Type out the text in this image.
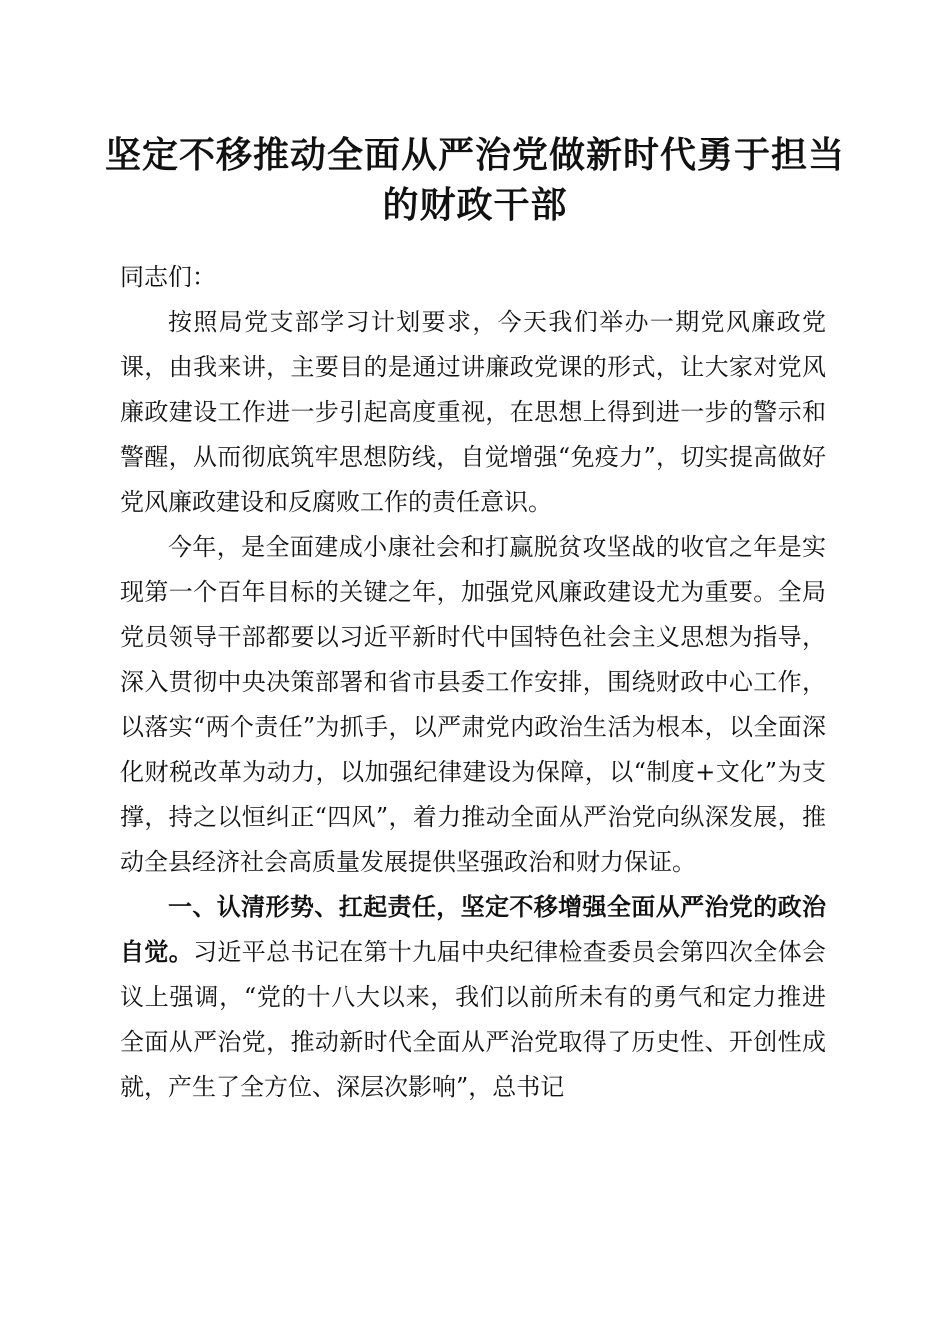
坚定不移推动全面从严治党做新时代勇于担当的财政干部

同志们：

按照局党支部学习计划要求，今天我们举办一期党风廉政党课，由我来讲，主要目的是通过讲廉政党课的形式，让大家对党风廉政建设工作进一步引起高度重视，在思想上得到进一步的警示和警醒，从而彻底筑牢思想防线，自觉增强“免疫力”，切实提高做好党风廉政建设和反腐败工作的责任意识。

今年，是全面建成小康社会和打赢脱贫攻坚战的收官之年是实现第一个百年目标的关键之年，加强党风廉政建设尤为重要。全局党员领导干部都要以习近平新时代中国特色社会主义思想为指导，深入贯彻中央决策部署和省市县委工作安排，围绕财政中心工作，以落实“两个责任”为抓手，以严肃党内政治生活为根本，以全面深化财税改革为动力，以加强纪律建设为保障，以“制度+文化”为支撑，持之以恒纠正“四风”，着力推动全面从严治党向纵深发展，推动全县经济社会高质量发展提供坚强政治和财力保证。

一、认清形势、扛起责任，坚定不移增强全面从严治党的政治自觉。习近平总书记在第十九届中央纪律检查委员会第四次全体会议上强调，“党的十八大以来，我们以前所未有的勇气和定力推进全面从严治党，推动新时代全面从严治党取得了历史性、开创性成就，产生了全方位、深层次影响”，总书记
